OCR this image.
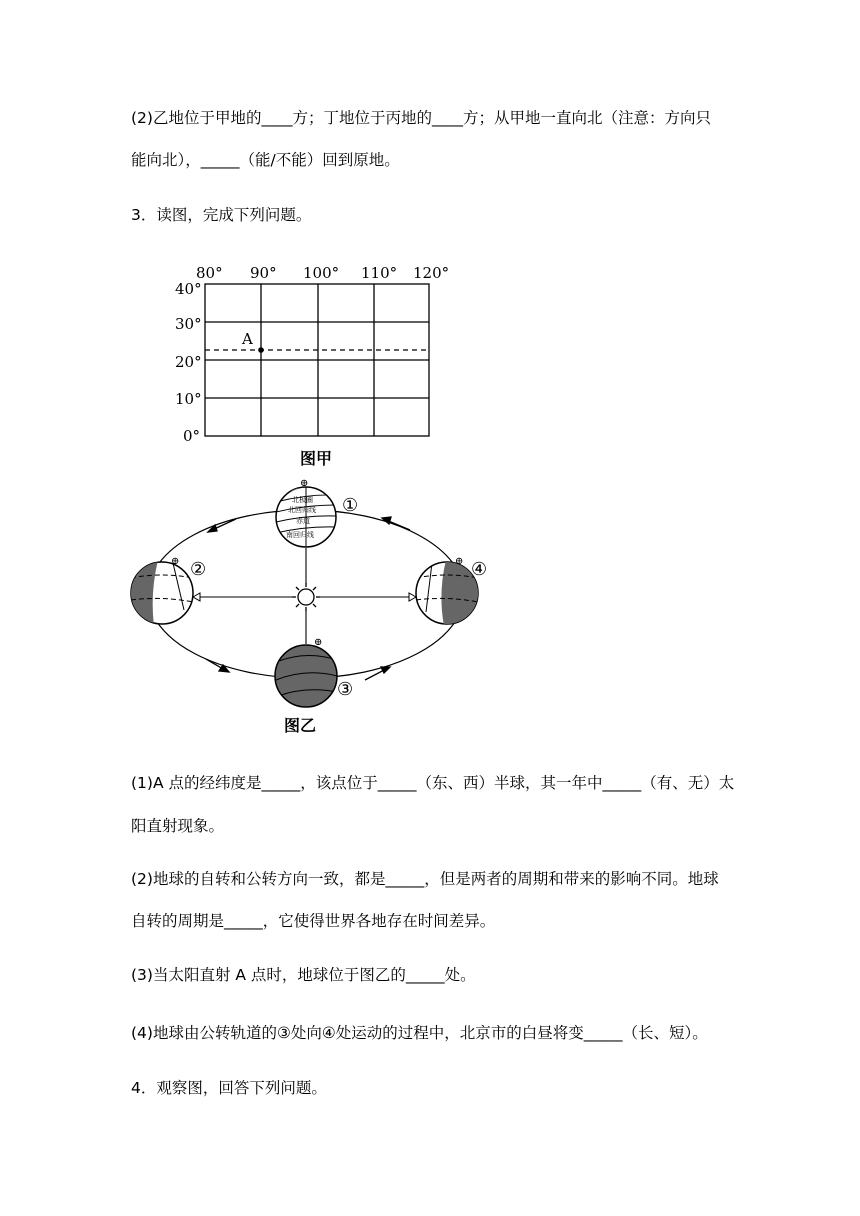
(2)乙地位于甲地的____方；丁地位于丙地的____方；从甲地一直向北（注意：方向只
能向北），_____（能/不能）回到原地。
3．读图，完成下列问题。
A
80° 90° 100° 110° 120°
40°
30°
20°
10°
0°
图甲
北极圈
北回归线
赤道
南回归线
⊕
⊕
⊕
⊕
①
②
③
④
图乙
(1)A 点的经纬度是_____，该点位于_____（东、西）半球，其一年中_____（有、无）太
阳直射现象。
(2)地球的自转和公转方向一致，都是_____，但是两者的周期和带来的影响不同。地球
自转的周期是_____，它使得世界各地存在时间差异。
(3)当太阳直射 A 点时，地球位于图乙的_____处。
(4)地球由公转轨道的③处向④处运动的过程中，北京市的白昼将变_____（长、短）。
4．观察图，回答下列问题。
